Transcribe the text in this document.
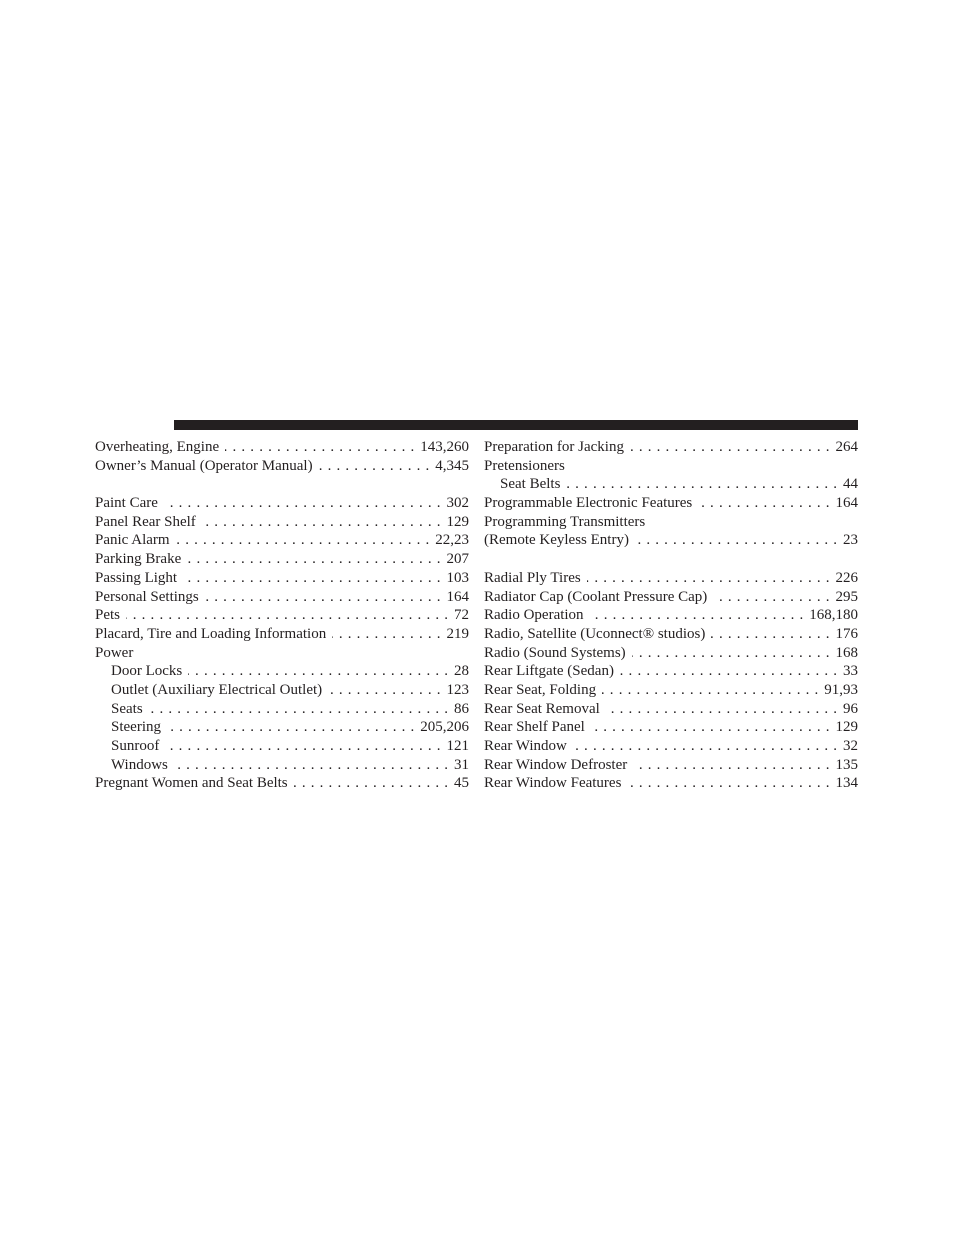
Overheating, Engine . . .	143,260
Owner’s Manual (Operator Manual) . . .	4,345
Paint Care . . .	302
Panel Rear Shelf . . .	129
Panic Alarm . . .	22,23
Parking Brake . . .	207
Passing Light . . .	103
Personal Settings . . .	164
Pets . . .	72
Placard, Tire and Loading Information . . .	219
Power
Door Locks . . .	28
Outlet (Auxiliary Electrical Outlet) . . .	123
Seats . . .	86
Steering . . .	205,206
Sunroof . . .	121
Windows . . .	31
Pregnant Women and Seat Belts . . .	45
Preparation for Jacking . . .	264
Pretensioners
Seat Belts . . .	44
Programmable Electronic Features . . .	164
Programming Transmitters
(Remote Keyless Entry) . . .	23
Radial Ply Tires . . .	226
Radiator Cap (Coolant Pressure Cap) . . .	295
Radio Operation . . .	168,180
Radio, Satellite (Uconnect® studios) . . .	176
Radio (Sound Systems) . . .	168
Rear Liftgate (Sedan) . . .	33
Rear Seat, Folding . . .	91,93
Rear Seat Removal . . .	96
Rear Shelf Panel . . .	129
Rear Window . . .	32
Rear Window Defroster . . .	135
Rear Window Features . . .	134
